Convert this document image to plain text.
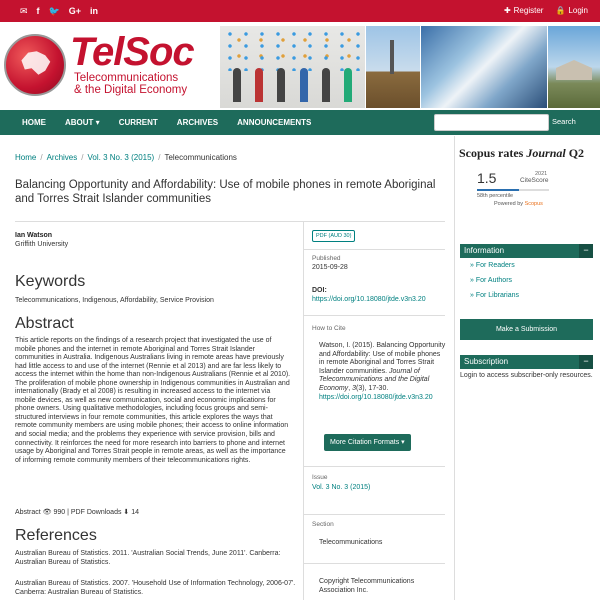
✉ f 🐦 G+ in	✚ Register 🔒 Login
TelSoc
Telecommunications
& the Digital Economy
HOME ABOUT ▾ CURRENT ARCHIVES ANNOUNCEMENTS	Search
Home / Archives / Vol. 3 No. 3 (2015) / Telecommunications
Balancing Opportunity and Affordability: Use of mobile phones in remote Aboriginal and Torres Strait Islander communities
Ian Watson
Griffith University
Keywords
Telecommunications, Indigenous, Affordability, Service Provision
Abstract
This article reports on the findings of a research project that investigated the use of mobile phones and the internet in remote Aboriginal and Torres Strait Islander communities in Australia. Indigenous Australians living in remote areas have previously had little access to and use of the internet (Rennie et al 2013) and are far less likely to access the internet within the home than non-Indigenous Australians (Rennie et al 2010). The proliferation of mobile phone ownership in Indigenous communities in Australian and internationally (Brady et al 2008) is resulting in increased access to the internet via mobile devices, as well as new communication, social and economic implications for phone owners. Using qualitative methodologies, including focus groups and semi-structured interviews in four remote communities, this article explores the ways that remote community members are using mobile phones; their access to online information and social media; and the problems they experience with service provision, bills and connectivity. It reinforces the need for more research into barriers to phone and internet usage by Aboriginal and Torres Strait people in remote areas, as well as the importance of informing remote community members of their telecommunications rights.
Abstract 👁 990 | PDF Downloads ⬇ 14
References
Australian Bureau of Statistics. 2011. 'Australian Social Trends, June 2011'. Canberra: Australian Bureau of Statistics.
Australian Bureau of Statistics. 2007. 'Household Use of Information Technology, 2006-07'. Canberra: Australian Bureau of Statistics.
PDF (AUD 30)
Published
2015-09-28
DOI:
https://doi.org/10.18080/jtde.v3n3.20
How to Cite
Watson, I. (2015). Balancing Opportunity and Affordability: Use of mobile phones in remote Aboriginal and Torres Strait Islander communities. Journal of Telecommunications and the Digital Economy, 3(3), 17-30. https://doi.org/10.18080/jtde.v3n3.20
More Citation Formats ▾
Issue
Vol. 3 No. 3 (2015)
Section
Telecommunications
Copyright Telecommunications Association Inc.
Scopus rates Journal Q2
1.5	2021
CiteScore
58th percentile
Powered by Scopus
Information	−
» For Readers
» For Authors
» For Librarians
Make a Submission
Subscription	−
Login to access subscriber-only resources.
